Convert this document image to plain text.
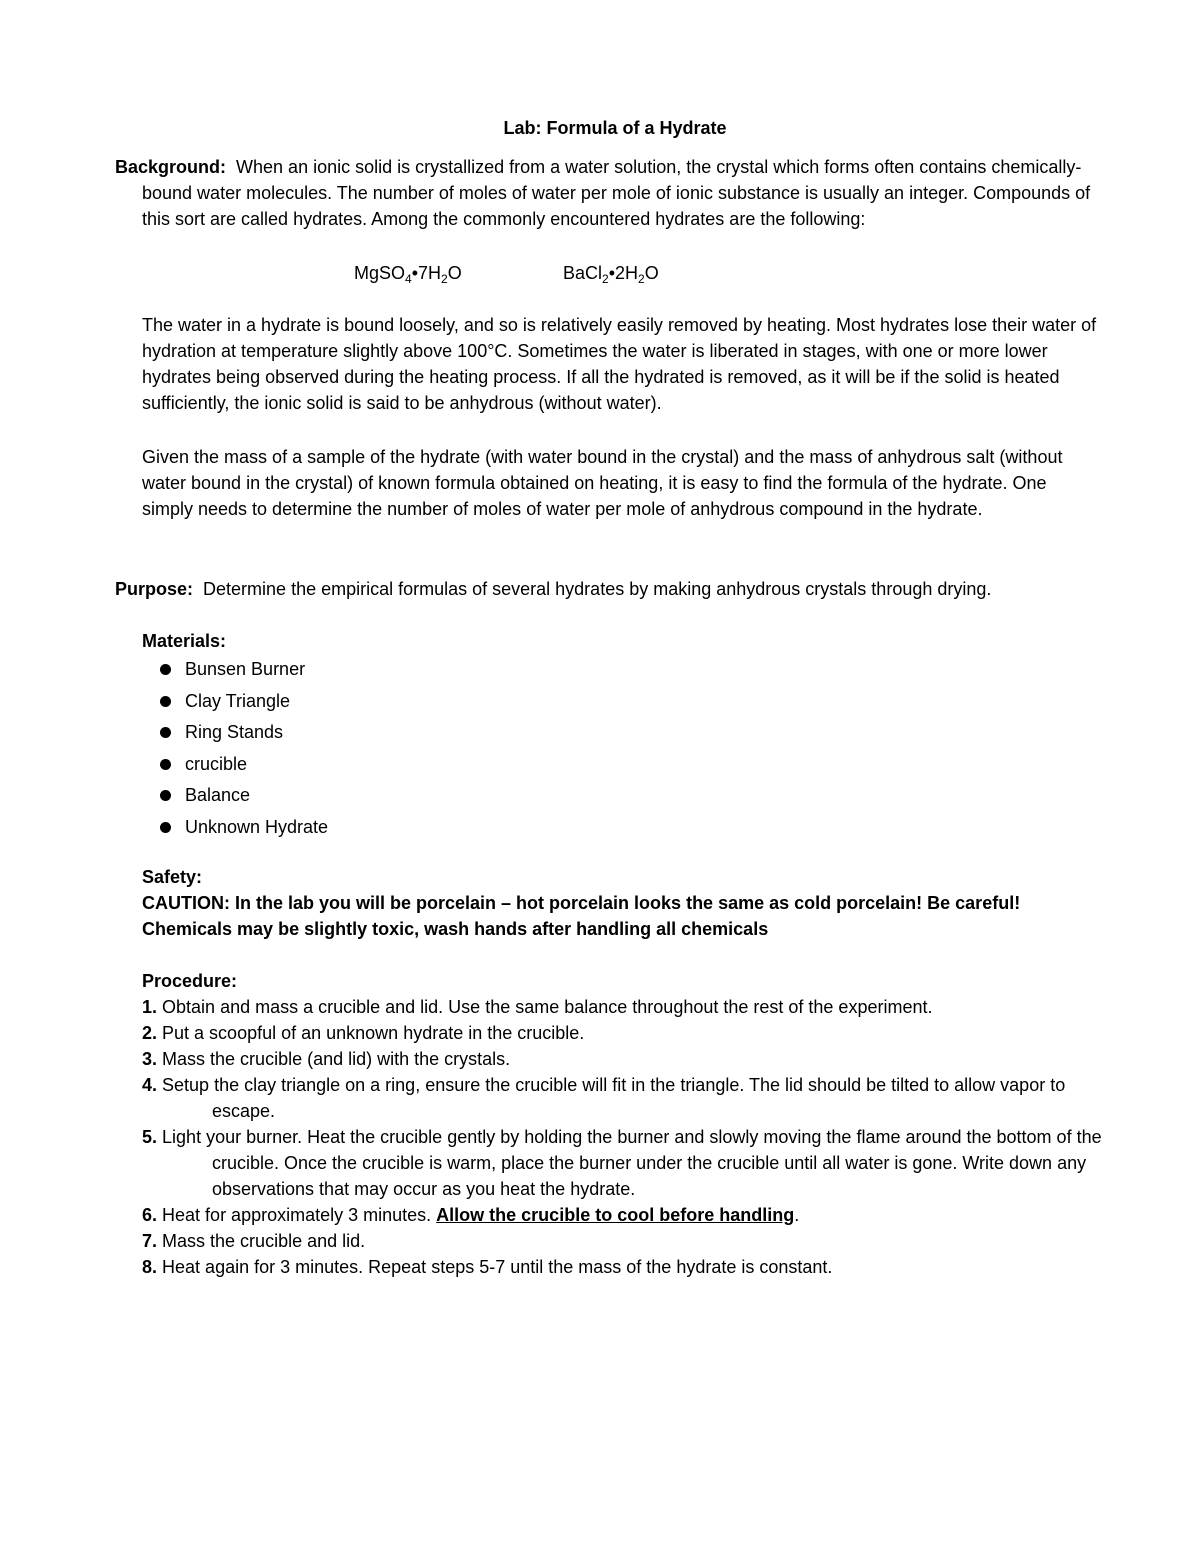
Lab: Formula of a Hydrate

Background: When an ionic solid is crystallized from a water solution, the crystal which forms often contains chemically-bound water molecules. The number of moles of water per mole of ionic substance is usually an integer. Compounds of this sort are called hydrates. Among the commonly encountered hydrates are the following:

$MgSO_4•7H_2O$	$BaCl_2•2H_2O$

The water in a hydrate is bound loosely, and so is relatively easily removed by heating. Most hydrates lose their water of hydration at temperature slightly above 100°C. Sometimes the water is liberated in stages, with one or more lower hydrates being observed during the heating process. If all the hydrated is removed, as it will be if the solid is heated sufficiently, the ionic solid is said to be anhydrous (without water).

Given the mass of a sample of the hydrate (with water bound in the crystal) and the mass of anhydrous salt (without water bound in the crystal) of known formula obtained on heating, it is easy to find the formula of the hydrate. One simply needs to determine the number of moles of water per mole of anhydrous compound in the hydrate.

Purpose: Determine the empirical formulas of several hydrates by making anhydrous crystals through drying.

Materials:

Bunsen Burner
Clay Triangle
Ring Stands
crucible
Balance
Unknown Hydrate

Safety:

CAUTION: In the lab you will be porcelain – hot porcelain looks the same as cold porcelain! Be careful!

Chemicals may be slightly toxic, wash hands after handling all chemicals

Procedure:

1. Obtain and mass a crucible and lid. Use the same balance throughout the rest of the experiment.
2. Put a scoopful of an unknown hydrate in the crucible.
3. Mass the crucible (and lid) with the crystals.
4. Setup the clay triangle on a ring, ensure the crucible will fit in the triangle. The lid should be tilted to allow vapor to escape.
5. Light your burner. Heat the crucible gently by holding the burner and slowly moving the flame around the bottom of the crucible. Once the crucible is warm, place the burner under the crucible until all water is gone. Write down any observations that may occur as you heat the hydrate.
6. Heat for approximately 3 minutes. Allow the crucible to cool before handling.
7. Mass the crucible and lid.
8. Heat again for 3 minutes. Repeat steps 5-7 until the mass of the hydrate is constant.
